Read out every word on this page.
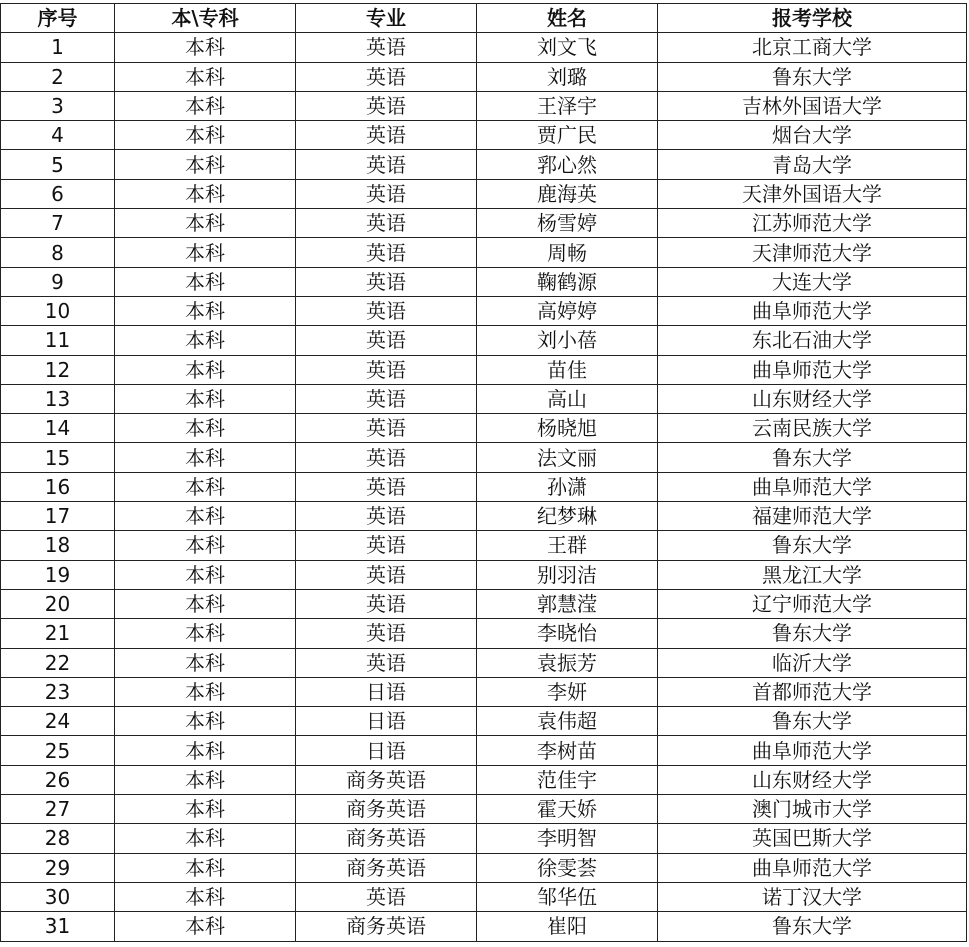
序号	本\专科	专业	姓名	报考学校
1	本科	英语	刘文飞	北京工商大学
2	本科	英语	刘璐	鲁东大学
3	本科	英语	王泽宇	吉林外国语大学
4	本科	英语	贾广民	烟台大学
5	本科	英语	郛心然	青岛大学
6	本科	英语	鹿海英	天津外国语大学
7	本科	英语	杨雪婷	江苏师范大学
8	本科	英语	周畅	天津师范大学
9	本科	英语	鞠鹤源	大连大学
10	本科	英语	高婷婷	曲阜师范大学
11	本科	英语	刘小蓓	东北石油大学
12	本科	英语	苗佳	曲阜师范大学
13	本科	英语	高山	山东财经大学
14	本科	英语	杨晓旭	云南民族大学
15	本科	英语	法文丽	鲁东大学
16	本科	英语	孙潇	曲阜师范大学
17	本科	英语	纪梦琳	福建师范大学
18	本科	英语	王群	鲁东大学
19	本科	英语	别羽洁	黑龙江大学
20	本科	英语	郭慧滢	辽宁师范大学
21	本科	英语	李晓怡	鲁东大学
22	本科	英语	袁振芳	临沂大学
23	本科	日语	李妍	首都师范大学
24	本科	日语	袁伟超	鲁东大学
25	本科	日语	李树苗	曲阜师范大学
26	本科	商务英语	范佳宇	山东财经大学
27	本科	商务英语	霍天娇	澳门城市大学
28	本科	商务英语	李明智	英国巴斯大学
29	本科	商务英语	徐雯荟	曲阜师范大学
30	本科	英语	邹华伍	诺丁汉大学
31	本科	商务英语	崔阳	鲁东大学
